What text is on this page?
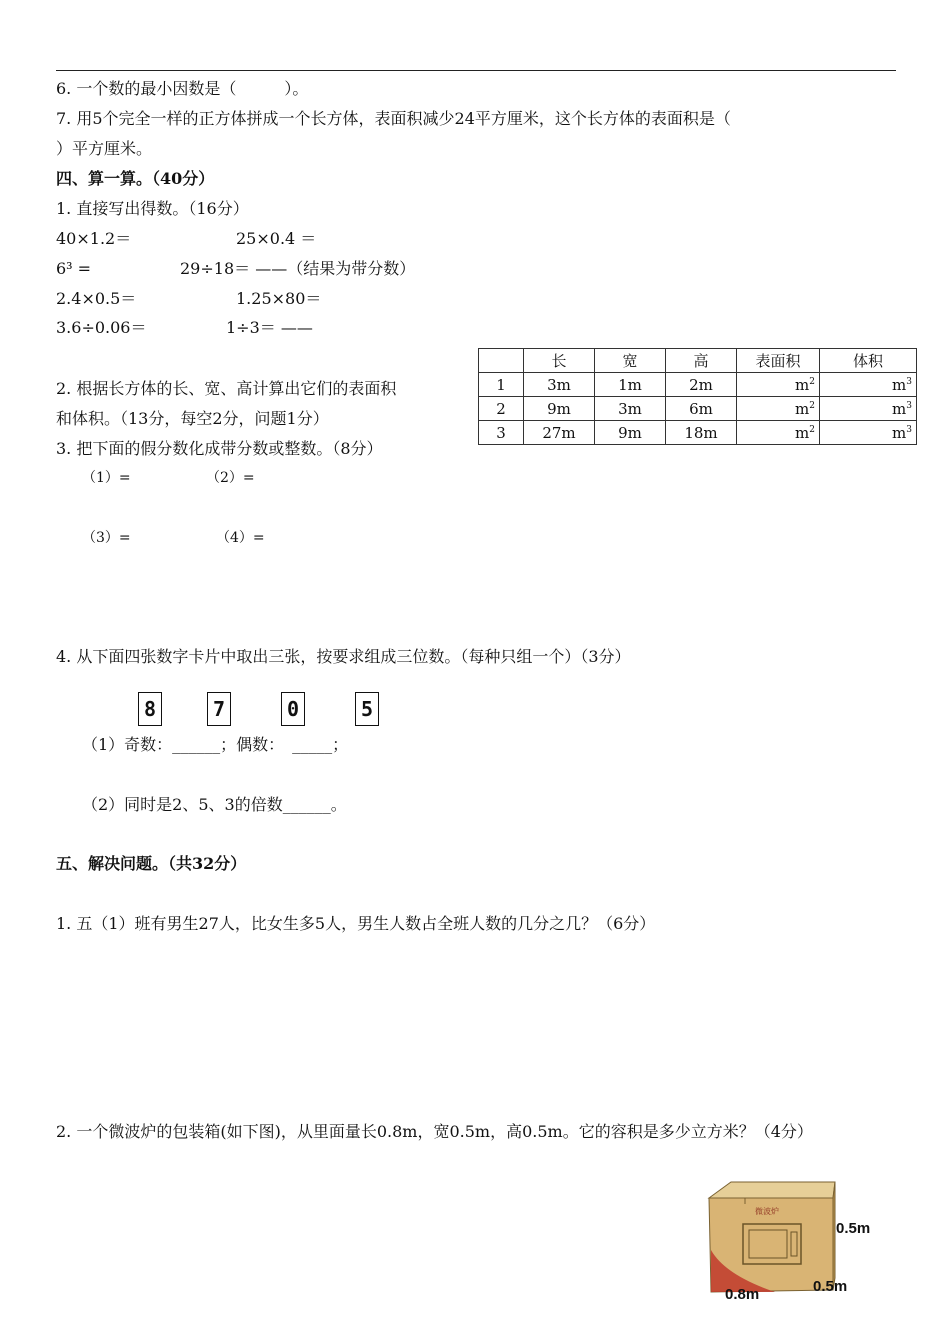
6. 一个数的最小因数是（　　　）。
7. 用5个完全一样的正方体拼成一个长方体，表面积减少24平方厘米，这个长方体的表面积是（
）平方厘米。
四、算一算。（40分）
1. 直接写出得数。（16分）
40×1.2＝	25×0.4 ＝
6³ =	29÷18＝ ——（结果为带分数）
2.4×0.5＝	1.25×80＝
3.6÷0.06＝	1÷3＝ ——
2. 根据长方体的长、宽、高计算出它们的表面积
和体积。（13分，每空2分，问题1分）
	长	宽	高	表面积	体积
1	3m	1m	2m	$m^2$	$m^3$
2	9m	3m	6m	$m^2$	$m^3$
3	27m	9m	18m	$m^2$	$m^3$
3. 把下面的假分数化成带分数或整数。（8分）
（1）=	（2）=
（3）=	（4）=
4. 从下面四张数字卡片中取出三张，按要求组成三位数。（每种只组一个）（3分）
8	7	0	5
（1）奇数：______；偶数：　_____；
（2）同时是2、5、3的倍数______。
五、解决问题。（共32分）
1. 五（1）班有男生27人，比女生多5人，男生人数占全班人数的几分之几？（6分）
2. 一个微波炉的包装箱(如下图)，从里面量长0.8m，宽0.5m，高0.5m。它的容积是多少立方米？（4分）
微波炉
0.5m
0.5m
0.8m
